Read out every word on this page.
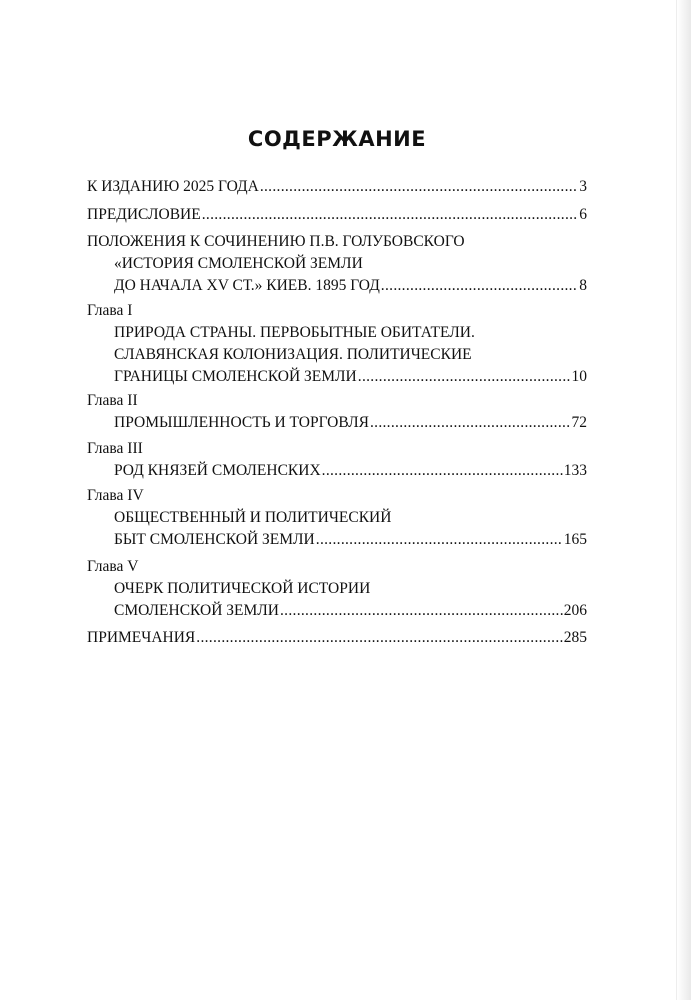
СОДЕРЖАНИЕ
К ИЗДАНИЮ 2025 ГОДА .....	3
ПРЕДИСЛОВИЕ .....	6
ПОЛОЖЕНИЯ К СОЧИНЕНИЮ П.В. ГОЛУБОВСКОГО
«ИСТОРИЯ СМОЛЕНСКОЙ ЗЕМЛИ
ДО НАЧАЛА XV СТ.» КИЕВ. 1895 ГОД .....	8
Глава I
ПРИРОДА СТРАНЫ. ПЕРВОБЫТНЫЕ ОБИТАТЕЛИ.
СЛАВЯНСКАЯ КОЛОНИЗАЦИЯ. ПОЛИТИЧЕСКИЕ
ГРАНИЦЫ СМОЛЕНСКОЙ ЗЕМЛИ .....	10
Глава II
ПРОМЫШЛЕННОСТЬ И ТОРГОВЛЯ .....	72
Глава III
РОД КНЯЗЕЙ СМОЛЕНСКИХ .....	133
Глава IV
ОБЩЕСТВЕННЫЙ И ПОЛИТИЧЕСКИЙ
БЫТ СМОЛЕНСКОЙ ЗЕМЛИ .....	165
Глава V
ОЧЕРК ПОЛИТИЧЕСКОЙ ИСТОРИИ
СМОЛЕНСКОЙ ЗЕМЛИ .....	206
ПРИМЕЧАНИЯ .....	285
